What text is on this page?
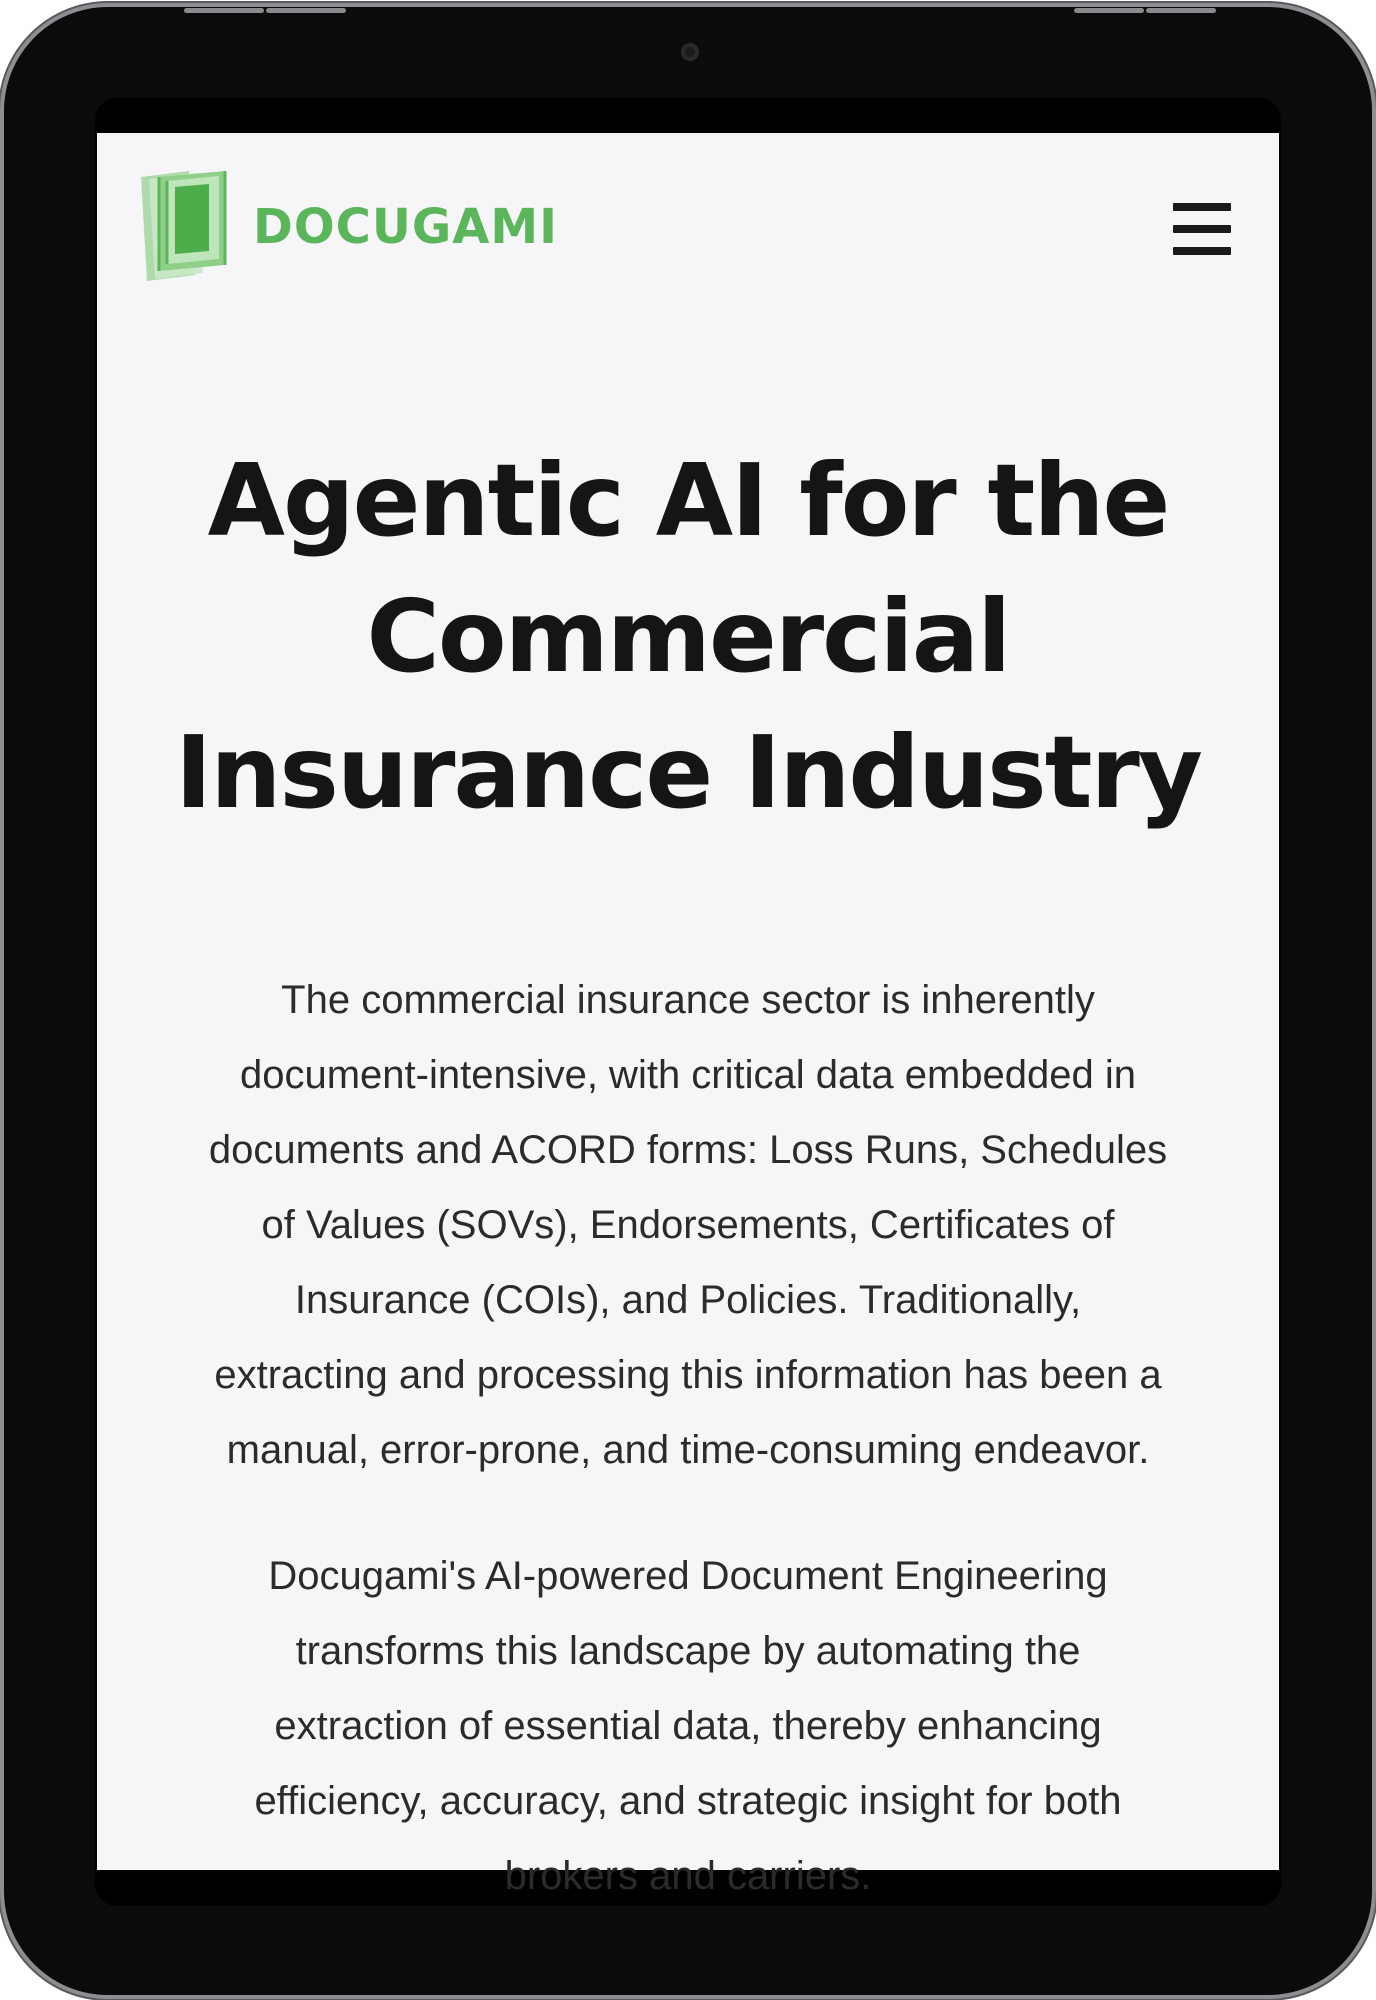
DOCUGAMI
Agentic AI for the
Commercial
Insurance Industry
The commercial insurance sector is inherently
document-intensive, with critical data embedded in
documents and ACORD forms: Loss Runs, Schedules
of Values (SOVs), Endorsements, Certificates of
Insurance (COIs), and Policies. Traditionally,
extracting and processing this information has been a
manual, error-prone, and time-consuming endeavor.
Docugami's AI-powered Document Engineering
transforms this landscape by automating the
extraction of essential data, thereby enhancing
efficiency, accuracy, and strategic insight for both
brokers and carriers.
